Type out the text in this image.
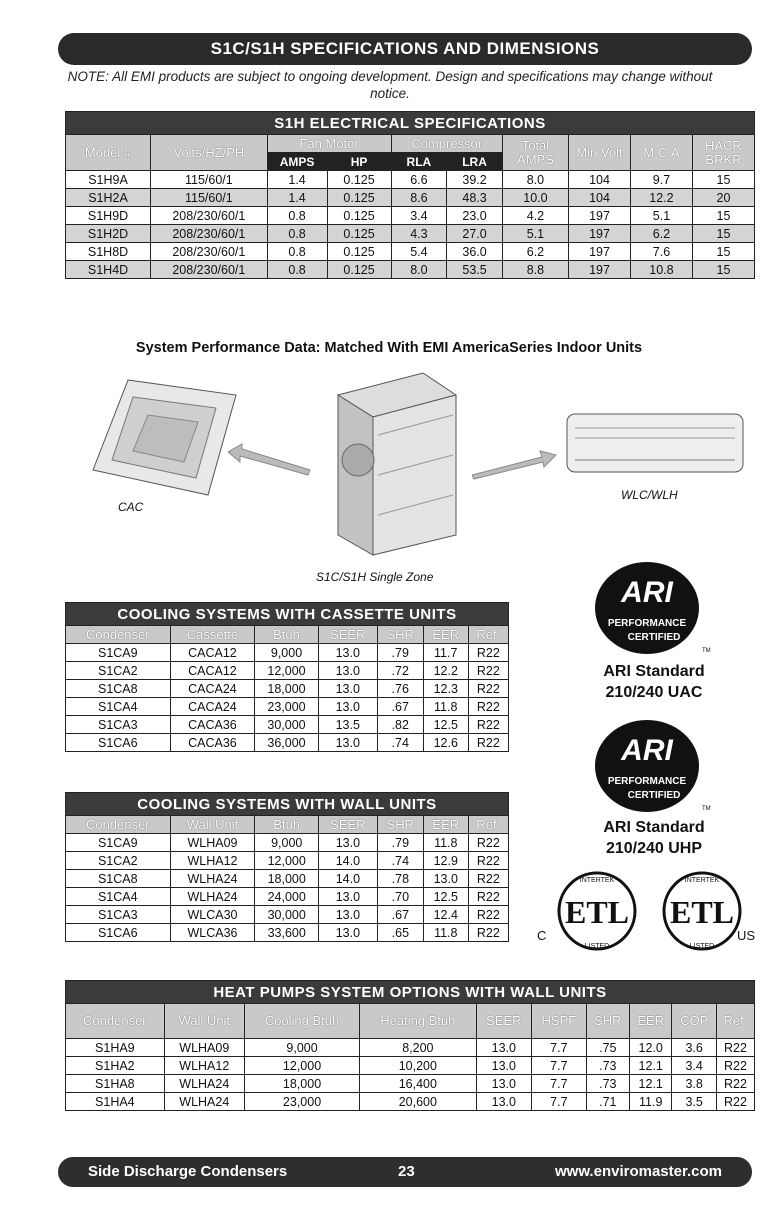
S1C/S1H SPECIFICATIONS AND DIMENSIONS
NOTE: All EMI products are subject to ongoing development. Design and specifications may change without notice.
S1H ELECTRICAL SPECIFICATIONS									
Model #	Volts/HZ/PH	Fan Motor		Compressor		Total AMPS	Min Volt	M.C.A	HACR BRKR
		AMPS	HP	RLA	LRA				
S1H9A	115/60/1	1.4	0.125	6.6	39.2	8.0	104	9.7	15
S1H2A	115/60/1	1.4	0.125	8.6	48.3	10.0	104	12.2	20
S1H9D	208/230/60/1	0.8	0.125	3.4	23.0	4.2	197	5.1	15
S1H2D	208/230/60/1	0.8	0.125	4.3	27.0	5.1	197	6.2	15
S1H8D	208/230/60/1	0.8	0.125	5.4	36.0	6.2	197	7.6	15
S1H4D	208/230/60/1	0.8	0.125	8.0	53.5	8.8	197	10.8	15
System Performance Data: Matched With EMI AmericaSeries Indoor Units
CAC
WLC/WLH
S1C/S1H Single Zone
COOLING SYSTEMS WITH CASSETTE UNITS						
Condenser	Cassette	Btuh	SEER	SHR	EER	Ref.
S1CA9	CACA12	9,000	13.0	.79	11.7	R22
S1CA2	CACA12	12,000	13.0	.72	12.2	R22
S1CA8	CACA24	18,000	13.0	.76	12.3	R22
S1CA4	CACA24	23,000	13.0	.67	11.8	R22
S1CA3	CACA36	30,000	13.5	.82	12.5	R22
S1CA6	CACA36	36,000	13.0	.74	12.6	R22
COOLING SYSTEMS WITH WALL UNITS						
Condenser	Wall Unit	Btuh	SEER	SHR	EER	Ref.
S1CA9	WLHA09	9,000	13.0	.79	11.8	R22
S1CA2	WLHA12	12,000	14.0	.74	12.9	R22
S1CA8	WLHA24	18,000	14.0	.78	13.0	R22
S1CA4	WLHA24	24,000	13.0	.70	12.5	R22
S1CA3	WLCA30	30,000	13.0	.67	12.4	R22
S1CA6	WLCA36	33,600	13.0	.65	11.8	R22
ARI
PERFORMANCE
CERTIFIED
TM
ARI Standard
210/240 UAC
ARI
PERFORMANCE
CERTIFIED
TM
ARI Standard
210/240 UHP
ETL
INTERTEK
LISTED
C
ETL
INTERTEK
LISTED
US
HEAT PUMPS SYSTEM OPTIONS WITH WALL UNITS									
Condenser	Wall Unit	Cooling Btuh	Heating Btuh	SEER	HSPF	SHR	EER	COP	Ref.
S1HA9	WLHA09	9,000	8,200	13.0	7.7	.75	12.0	3.6	R22
S1HA2	WLHA12	12,000	10,200	13.0	7.7	.73	12.1	3.4	R22
S1HA8	WLHA24	18,000	16,400	13.0	7.7	.73	12.1	3.8	R22
S1HA4	WLHA24	23,000	20,600	13.0	7.7	.71	11.9	3.5	R22
Side Discharge Condensers	23	www.enviromaster.com
